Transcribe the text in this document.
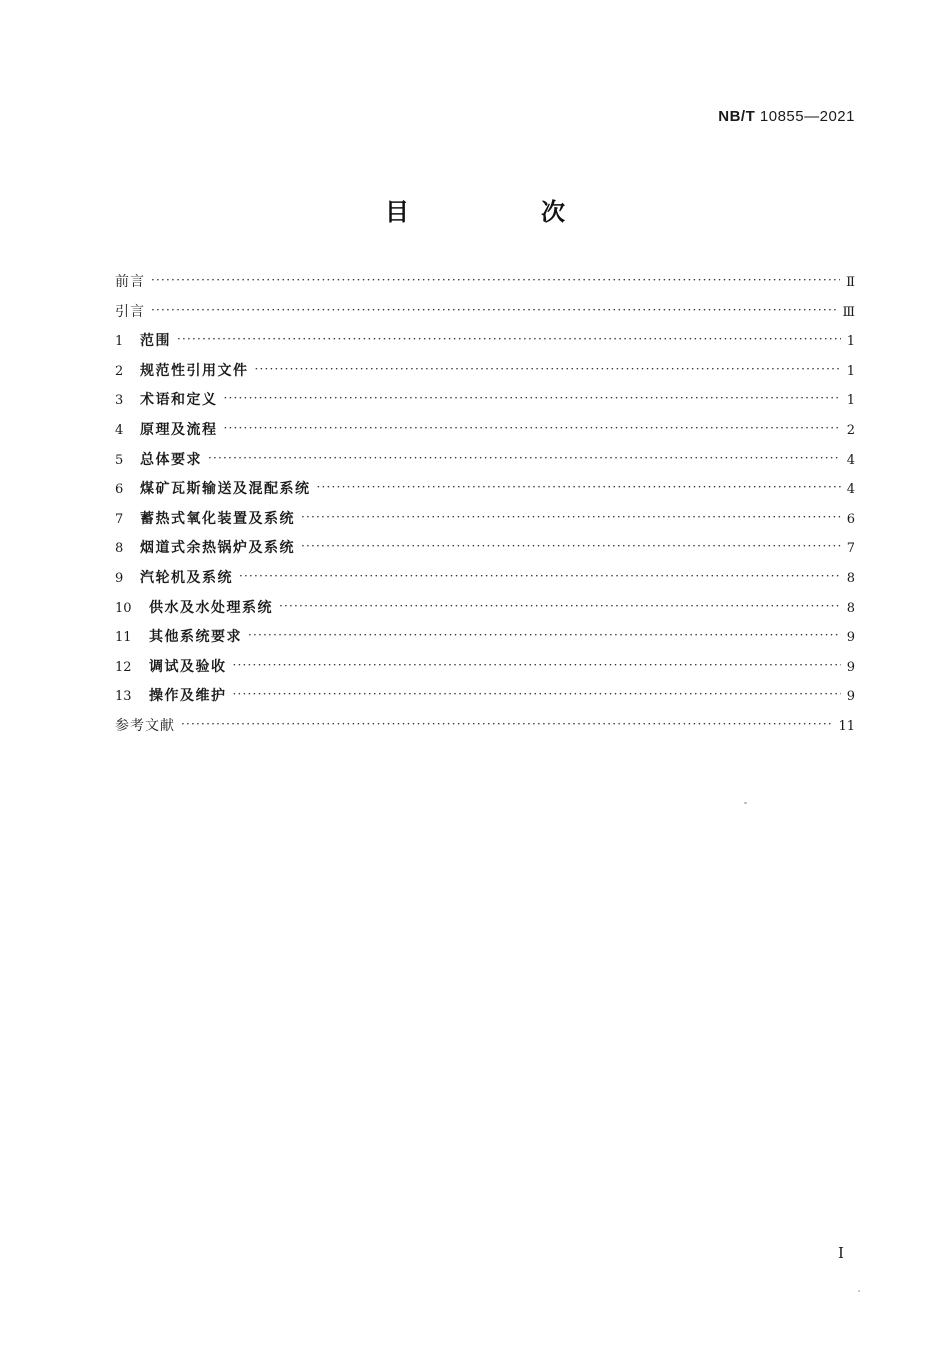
NB/T 10855—2021
目　次
前言 ·····	Ⅱ
引言 ·····	Ⅲ
1	范围 ·····	1
2	规范性引用文件 ·····	1
3	术语和定义 ·····	1
4	原理及流程 ·····	2
5	总体要求 ·····	4
6	煤矿瓦斯输送及混配系统 ·····	4
7	蓄热式氧化装置及系统 ·····	6
8	烟道式余热锅炉及系统 ·····	7
9	汽轮机及系统 ·····	8
10	供水及水处理系统 ·····	8
11	其他系统要求 ·····	9
12	调试及验收 ·····	9
13	操作及维护 ·····	9
参考文献 ·····	11
I
